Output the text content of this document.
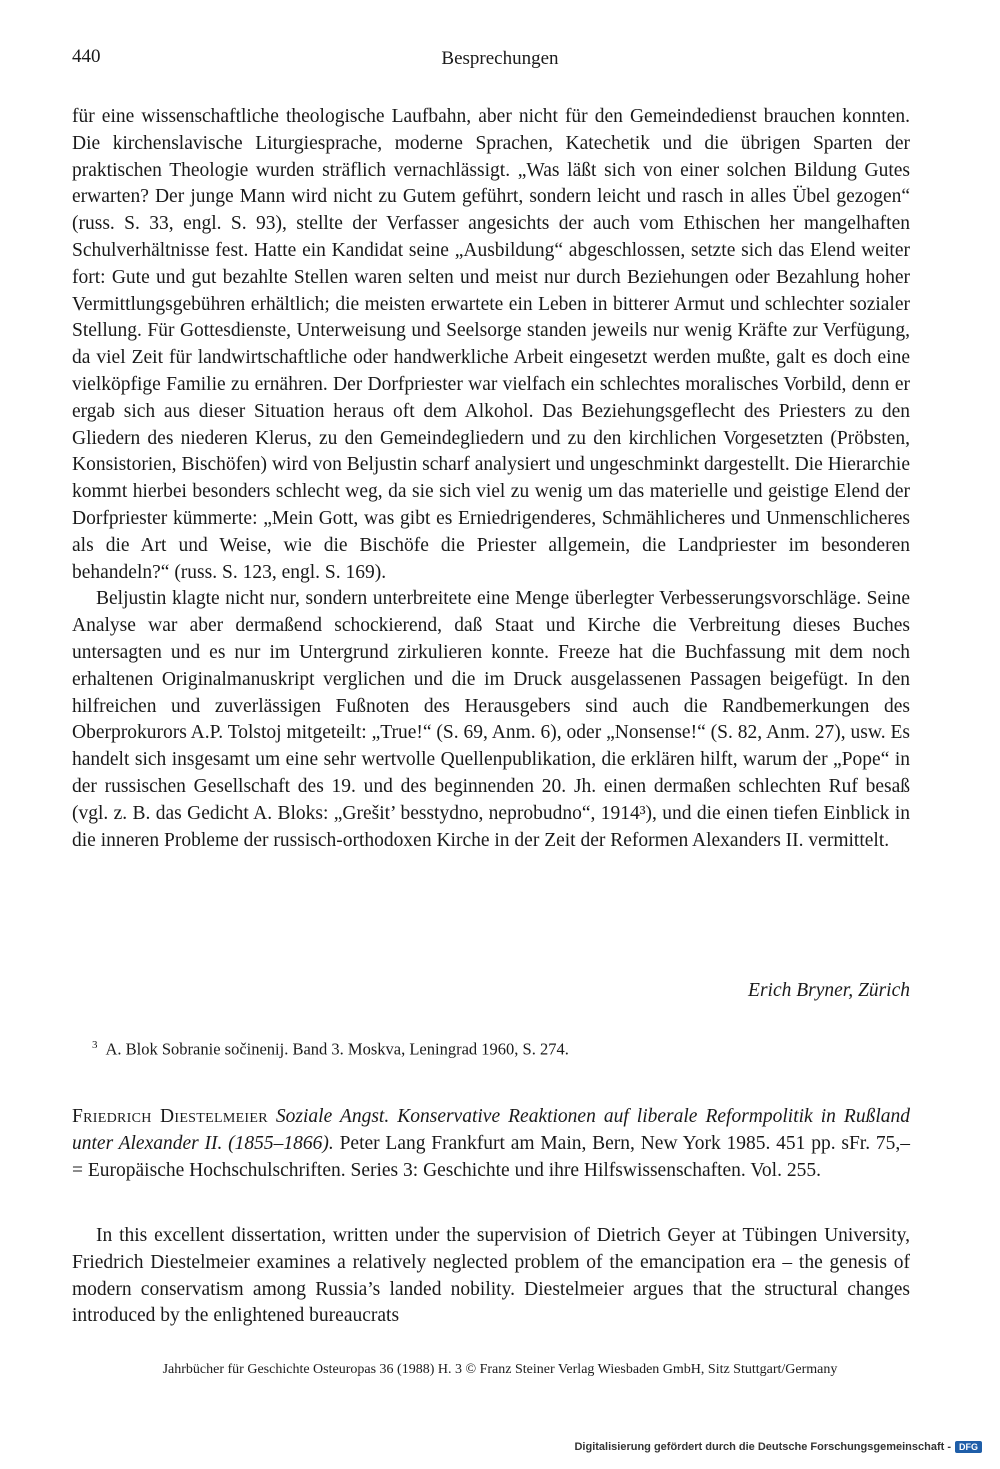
440	Besprechungen

für eine wissenschaftliche theologische Laufbahn, aber nicht für den Gemeindedienst brauchen konnten. Die kirchenslavische Liturgiesprache, moderne Sprachen, Katechetik und die übrigen Sparten der praktischen Theologie wurden sträflich vernachlässigt. „Was läßt sich von einer solchen Bildung Gutes erwarten? Der junge Mann wird nicht zu Gutem geführt, sondern leicht und rasch in alles Übel gezogen“ (russ. S. 33, engl. S. 93), stellte der Verfasser angesichts der auch vom Ethischen her mangelhaften Schulverhältnisse fest. Hatte ein Kandidat seine „Ausbildung“ abgeschlossen, setzte sich das Elend weiter fort: Gute und gut bezahlte Stellen waren selten und meist nur durch Beziehungen oder Bezahlung hoher Vermittlungsgebühren erhältlich; die meisten erwartete ein Leben in bitterer Armut und schlechter sozialer Stellung. Für Gottesdienste, Unterweisung und Seelsorge standen jeweils nur wenig Kräfte zur Verfügung, da viel Zeit für landwirtschaftliche oder handwerkliche Arbeit eingesetzt werden mußte, galt es doch eine vielköpfige Familie zu ernähren. Der Dorfpriester war vielfach ein schlechtes moralisches Vorbild, denn er ergab sich aus dieser Situation heraus oft dem Alkohol. Das Beziehungsgeflecht des Priesters zu den Gliedern des niederen Klerus, zu den Gemeindegliedern und zu den kirchlichen Vorgesetzten (Pröbsten, Konsistorien, Bischöfen) wird von Beljustin scharf analysiert und ungeschminkt dargestellt. Die Hierarchie kommt hierbei besonders schlecht weg, da sie sich viel zu wenig um das materielle und geistige Elend der Dorfpriester kümmerte: „Mein Gott, was gibt es Erniedrigenderes, Schmählicheres und Unmenschlicheres als die Art und Weise, wie die Bischöfe die Priester allgemein, die Landpriester im besonderen behandeln?“ (russ. S. 123, engl. S. 169).

Beljustin klagte nicht nur, sondern unterbreitete eine Menge überlegter Verbesserungsvorschläge. Seine Analyse war aber dermaßend schockierend, daß Staat und Kirche die Verbreitung dieses Buches untersagten und es nur im Untergrund zirkulieren konnte. Freeze hat die Buchfassung mit dem noch erhaltenen Originalmanuskript verglichen und die im Druck ausgelassenen Passagen beigefügt. In den hilfreichen und zuverlässigen Fußnoten des Herausgebers sind auch die Randbemerkungen des Oberprokurors A.P. Tolstoj mitgeteilt: „True!“ (S. 69, Anm. 6), oder „Nonsense!“ (S. 82, Anm. 27), usw. Es handelt sich insgesamt um eine sehr wertvolle Quellenpublikation, die erklären hilft, warum der „Pope“ in der russischen Gesellschaft des 19. und des beginnenden 20. Jh. einen dermaßen schlechten Ruf besaß (vgl. z. B. das Gedicht A. Bloks: „Grešit’ besstydno, neprobudno“, 1914³), und die einen tiefen Einblick in die inneren Probleme der russisch-orthodoxen Kirche in der Zeit der Reformen Alexanders II. vermittelt.

Erich Bryner, Zürich
$^3$ A. Blok Sobranie sočinenij. Band 3. Moskva, Leningrad 1960, S. 274.
Friedrich Diestelmeier Soziale Angst. Konservative Reaktionen auf liberale Reformpolitik in Rußland unter Alexander II. (1855–1866). Peter Lang Frankfurt am Main, Bern, New York 1985. 451 pp. sFr. 75,– = Europäische Hochschulschriften. Series 3: Geschichte und ihre Hilfswissenschaften. Vol. 255.

In this excellent dissertation, written under the supervision of Dietrich Geyer at Tübingen University, Friedrich Diestelmeier examines a relatively neglected problem of the emancipation era – the genesis of modern conservatism among Russia’s landed nobility. Diestelmeier argues that the structural changes introduced by the enlightened bureaucrats

Jahrbücher für Geschichte Osteuropas 36 (1988) H. 3 © Franz Steiner Verlag Wiesbaden GmbH, Sitz Stuttgart/Germany
Digitalisierung gefördert durch die Deutsche Forschungsgemeinschaft - DFG
